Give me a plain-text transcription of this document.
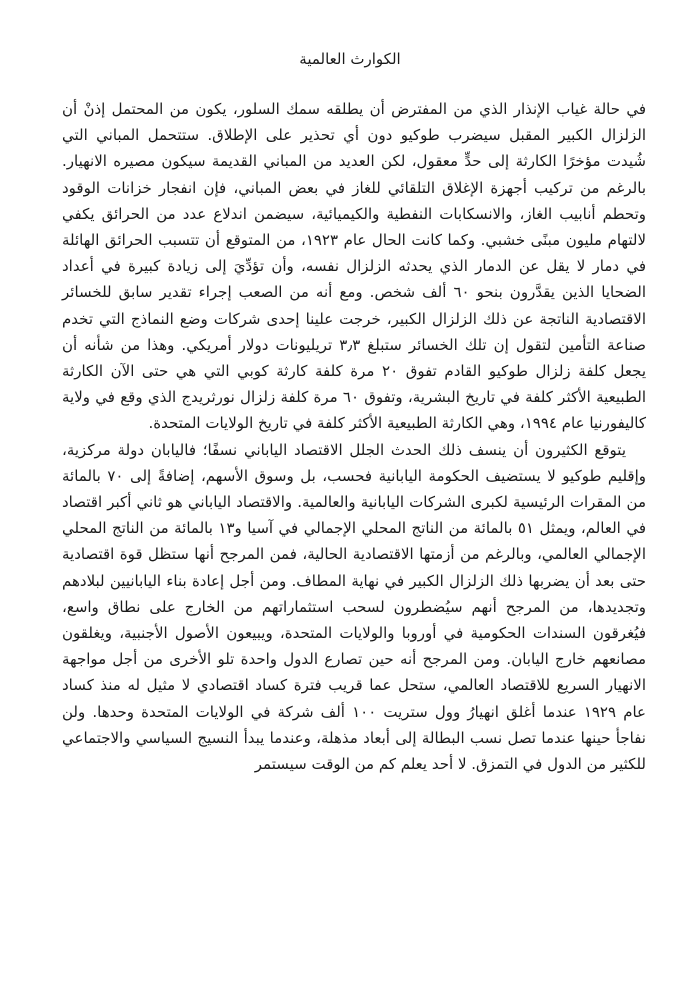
الكوارث العالمية

في حالة غياب الإنذار الذي من المفترض أن يطلقه سمك السلور، يكون من المحتمل إذنْ أن الزلزال الكبير المقبل سيضرب طوكيو دون أي تحذير على الإطلاق. ستتحمل المباني التي شُيدت مؤخرًا الكارثة إلى حدٍّ معقول، لكن العديد من المباني القديمة سيكون مصيره الانهيار. بالرغم من تركيب أجهزة الإغلاق التلقائي للغاز في بعض المباني، فإن انفجار خزانات الوقود وتحطم أنابيب الغاز، والانسكابات النفطية والكيميائية، سيضمن اندلاع عدد من الحرائق يكفي لالتهام مليون مبنًى خشبي. وكما كانت الحال عام ١٩٢٣، من المتوقع أن تتسبب الحرائق الهائلة في دمار لا يقل عن الدمار الذي يحدثه الزلزال نفسه، وأن تؤدِّيَ إلى زيادة كبيرة في أعداد الضحايا الذين يقدَّرون بنحو ٦٠ ألف شخص. ومع أنه من الصعب إجراء تقدير سابق للخسائر الاقتصادية الناتجة عن ذلك الزلزال الكبير، خرجت علينا إحدى شركات وضع النماذج التي تخدم صناعة التأمين لتقول إن تلك الخسائر ستبلغ ٣٫٣ تريليونات دولار أمريكي. وهذا من شأنه أن يجعل كلفة زلزال طوكيو القادم تفوق ٢٠ مرة كلفة كارثة كوبي التي هي حتى الآن الكارثة الطبيعية الأكثر كلفة في تاريخ البشرية، وتفوق ٦٠ مرة كلفة زلزال نورثريدج الذي وقع في ولاية كاليفورنيا عام ١٩٩٤، وهي الكارثة الطبيعية الأكثر كلفة في تاريخ الولايات المتحدة.

يتوقع الكثيرون أن ينسف ذلك الحدث الجلل الاقتصاد الياباني نسفًا؛ فاليابان دولة مركزية، وإقليم طوكيو لا يستضيف الحكومة اليابانية فحسب، بل وسوق الأسهم، إضافةً إلى ٧٠ بالمائة من المقرات الرئيسية لكبرى الشركات اليابانية والعالمية. والاقتصاد الياباني هو ثاني أكبر اقتصاد في العالم، ويمثل ٥١ بالمائة من الناتج المحلي الإجمالي في آسيا و١٣ بالمائة من الناتج المحلي الإجمالي العالمي، وبالرغم من أزمتها الاقتصادية الحالية، فمن المرجح أنها ستظل قوة اقتصادية حتى بعد أن يضربها ذلك الزلزال الكبير في نهاية المطاف. ومن أجل إعادة بناء اليابانيين لبلادهم وتجديدها، من المرجح أنهم سيُضطرون لسحب استثماراتهم من الخارج على نطاق واسع، فيُغرقون السندات الحكومية في أوروبا والولايات المتحدة، ويبيعون الأصول الأجنبية، ويغلقون مصانعهم خارج اليابان. ومن المرجح أنه حين تصارع الدول واحدة تلو الأخرى من أجل مواجهة الانهيار السريع للاقتصاد العالمي، ستحل عما قريب فترة كساد اقتصادي لا مثيل له منذ كساد عام ١٩٢٩ عندما أغلق انهيارُ وول ستريت ١٠٠ ألف شركة في الولايات المتحدة وحدها. ولن نفاجأ حينها عندما تصل نسب البطالة إلى أبعاد مذهلة، وعندما يبدأ النسيج السياسي والاجتماعي للكثير من الدول في التمزق. لا أحد يعلم كم من الوقت سيستمر
